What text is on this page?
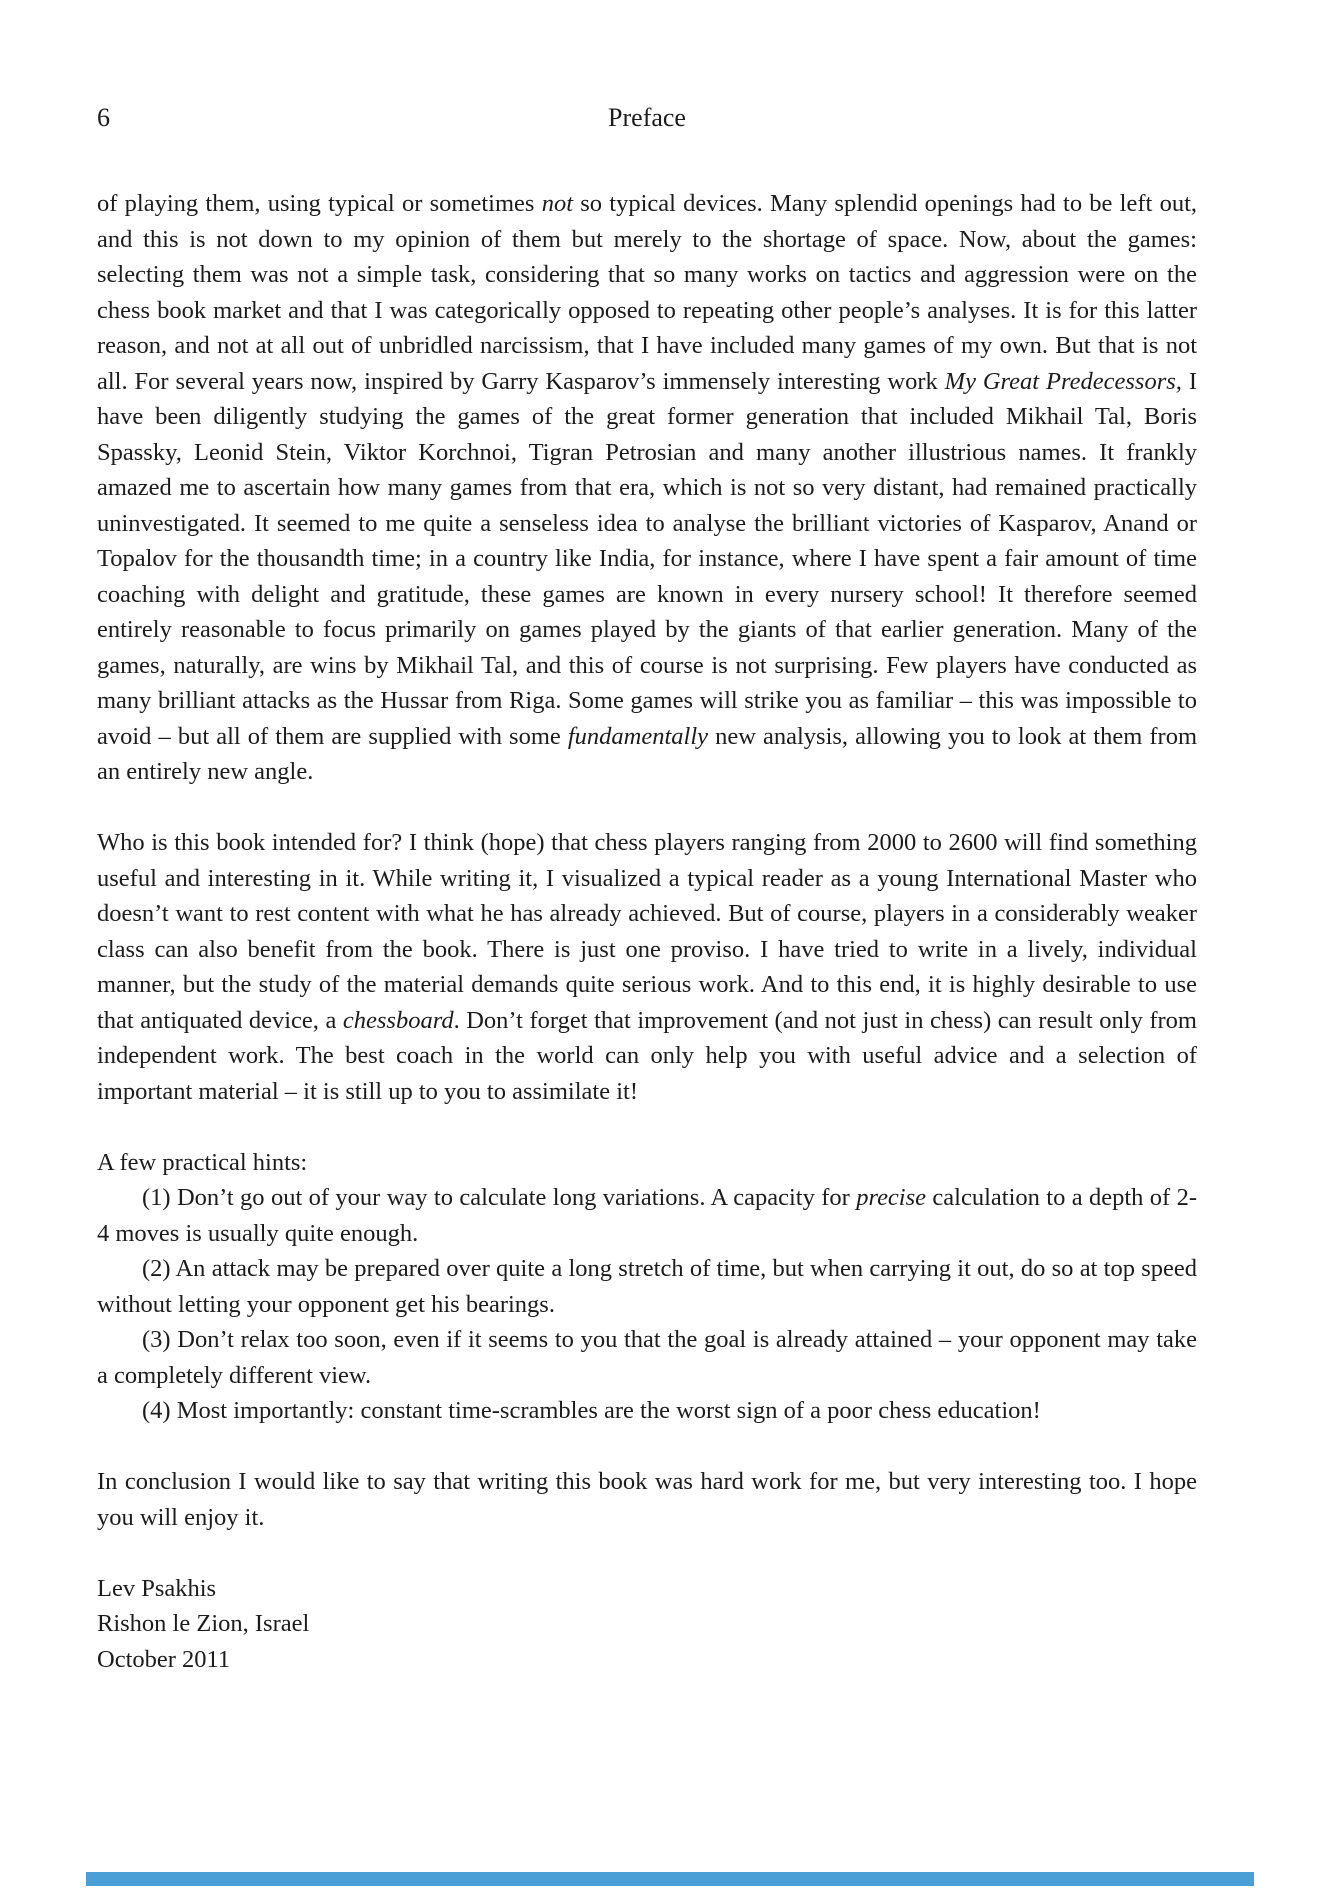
6	Preface
of playing them, using typical or sometimes not so typical devices. Many splendid openings had to be left out, and this is not down to my opinion of them but merely to the shortage of space. Now, about the games: selecting them was not a simple task, considering that so many works on tactics and aggression were on the chess book market and that I was categorically opposed to repeating other people’s analyses. It is for this latter reason, and not at all out of unbridled narcissism, that I have included many games of my own. But that is not all. For several years now, inspired by Garry Kasparov’s immensely interesting work My Great Predecessors, I have been diligently studying the games of the great former generation that included Mikhail Tal, Boris Spassky, Leonid Stein, Viktor Korchnoi, Tigran Petrosian and many another illustrious names. It frankly amazed me to ascertain how many games from that era, which is not so very distant, had remained practically uninvestigated. It seemed to me quite a senseless idea to analyse the brilliant victories of Kasparov, Anand or Topalov for the thousandth time; in a country like India, for instance, where I have spent a fair amount of time coaching with delight and gratitude, these games are known in every nursery school! It therefore seemed entirely reasonable to focus primarily on games played by the giants of that earlier generation. Many of the games, naturally, are wins by Mikhail Tal, and this of course is not surprising. Few players have conducted as many brilliant attacks as the Hussar from Riga. Some games will strike you as familiar – this was impossible to avoid – but all of them are supplied with some fundamentally new analysis, allowing you to look at them from an entirely new angle.
Who is this book intended for? I think (hope) that chess players ranging from 2000 to 2600 will find something useful and interesting in it. While writing it, I visualized a typical reader as a young International Master who doesn’t want to rest content with what he has already achieved. But of course, players in a considerably weaker class can also benefit from the book. There is just one proviso. I have tried to write in a lively, individual manner, but the study of the material demands quite serious work. And to this end, it is highly desirable to use that antiquated device, a chessboard. Don’t forget that improvement (and not just in chess) can result only from independent work. The best coach in the world can only help you with useful advice and a selection of important material – it is still up to you to assimilate it!
A few practical hints:
(1) Don’t go out of your way to calculate long variations. A capacity for precise calculation to a depth of 2-4 moves is usually quite enough.
(2) An attack may be prepared over quite a long stretch of time, but when carrying it out, do so at top speed without letting your opponent get his bearings.
(3) Don’t relax too soon, even if it seems to you that the goal is already attained – your opponent may take a completely different view.
(4) Most importantly: constant time-scrambles are the worst sign of a poor chess education!
In conclusion I would like to say that writing this book was hard work for me, but very interesting too. I hope you will enjoy it.
Lev Psakhis
Rishon le Zion, Israel
October 2011
